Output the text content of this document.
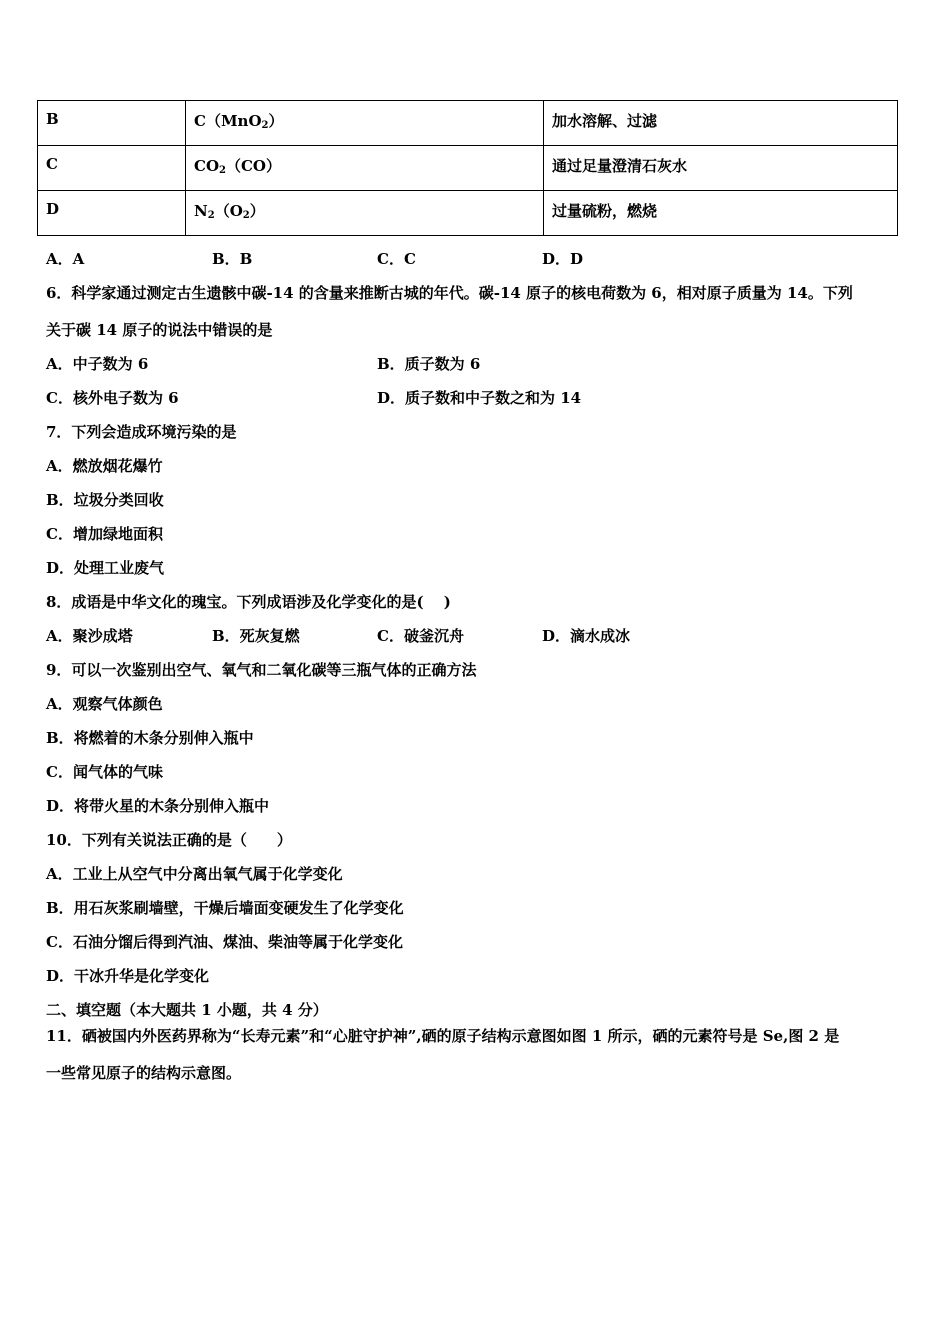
B	C（MnO$_2$）	加水溶解、过滤
C	$CO_2(CO)$	通过足量澄清石灰水
D	$N_2(O_2)$	过量硫粉，燃烧
A．A	B．B	C．C	D．D
6．科学家通过测定古生遗骸中碳-14 的含量来推断古城的年代。碳-14 原子的核电荷数为 6，相对原子质量为 14。下列
关于碳 14 原子的说法中错误的是
A．中子数为 6	B．质子数为 6
C．核外电子数为 6	D．质子数和中子数之和为 14
7．下列会造成环境污染的是
A．燃放烟花爆竹
B．垃圾分类回收
C．增加绿地面积
D．处理工业废气
8．成语是中华文化的瑰宝。下列成语涉及化学变化的是(　 )
A．聚沙成塔	B．死灰复燃	C．破釜沉舟	D．滴水成冰
9．可以一次鉴别出空气、氧气和二氧化碳等三瓶气体的正确方法
A．观察气体颜色
B．将燃着的木条分别伸入瓶中
C．闻气体的气味
D．将带火星的木条分别伸入瓶中
10．下列有关说法正确的是（　　）
A．工业上从空气中分离出氧气属于化学变化
B．用石灰浆刷墙壁，干燥后墙面变硬发生了化学变化
C．石油分馏后得到汽油、煤油、柴油等属于化学变化
D．干冰升华是化学变化
二、填空题（本大题共 1 小题，共 4 分）
11．硒被国内外医药界称为“长寿元素”和“心脏守护神”,硒的原子结构示意图如图 1 所示，硒的元素符号是 Se,图 2 是
一些常见原子的结构示意图。
